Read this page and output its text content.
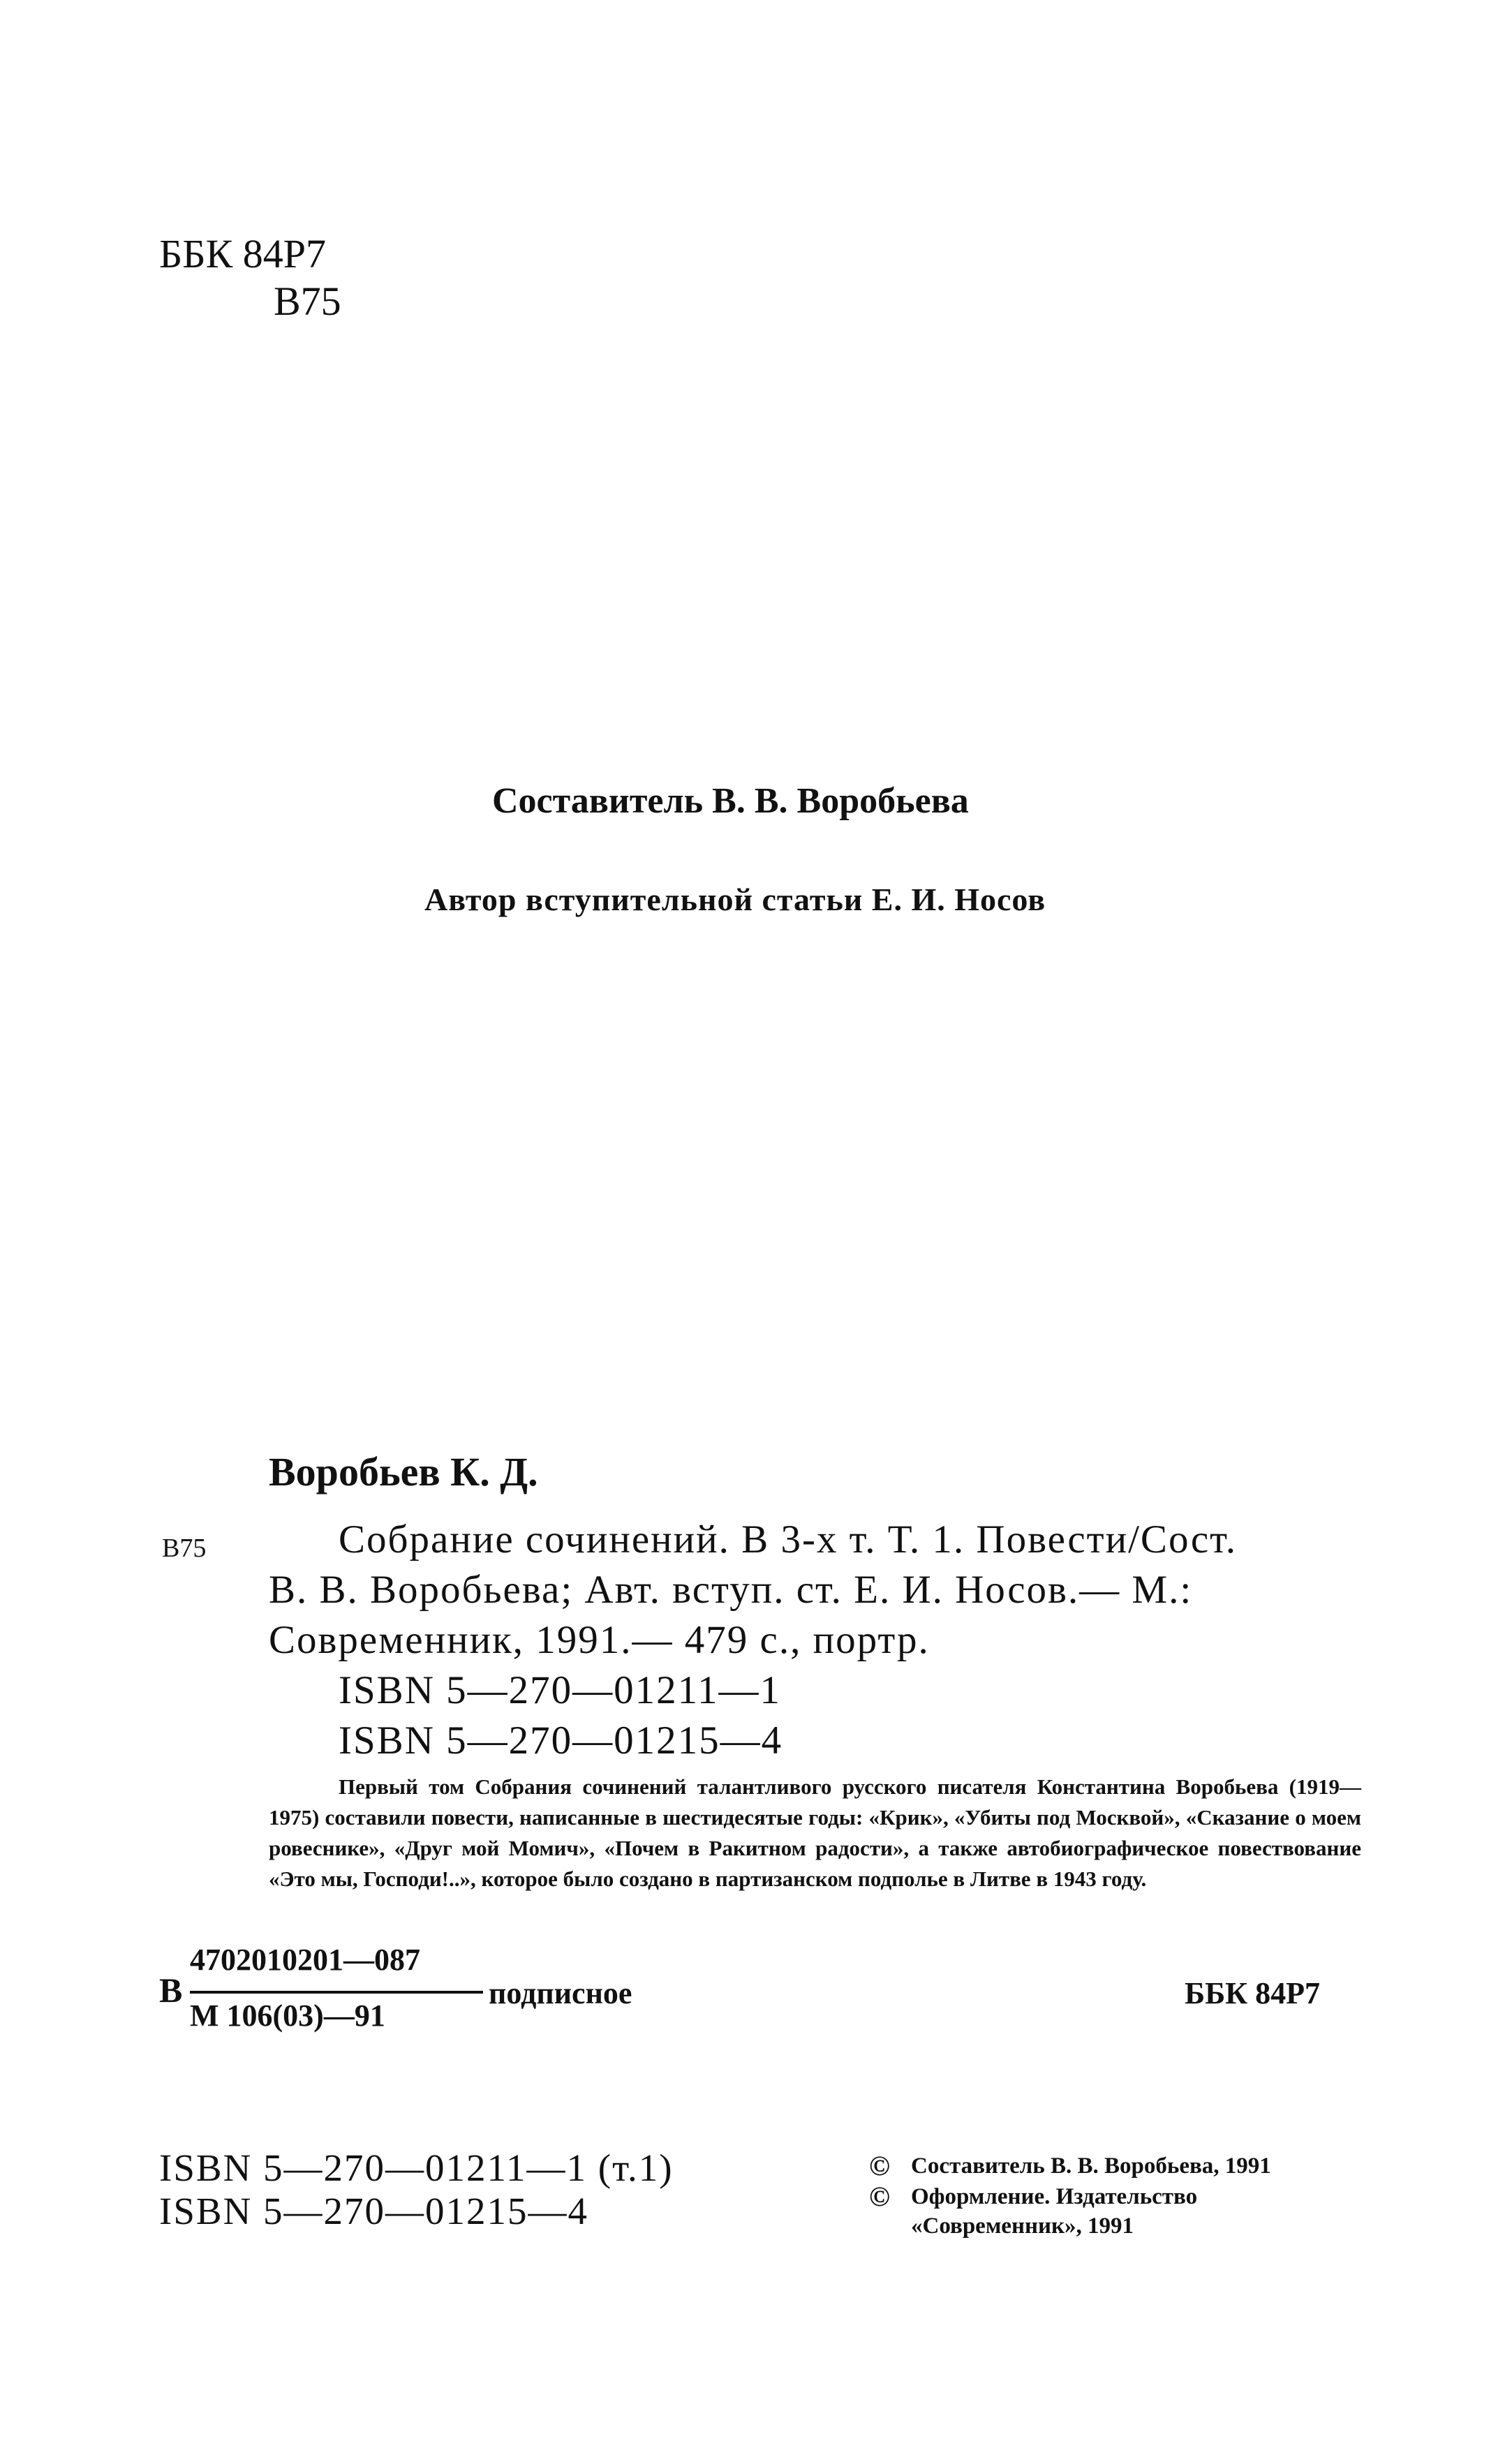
ББК 84Р7
В75
Составитель В. В. Воробьева
Автор вступительной статьи Е. И. Носов
Воробьев К. Д.
В75	Собрание сочинений. В 3-х т. Т. 1. Повести/Сост.
В. В. Воробьева; Авт. вступ. ст. Е. И. Носов.— М.:
Современник, 1991.— 479 с., портр.
ISBN 5—270—01211—1
ISBN 5—270—01215—4
Первый том Собрания сочинений талантливого русского писателя Константина Воробьева (1919—1975) составили повести, написанные в шестидесятые годы: «Крик», «Убиты под Москвой», «Сказание о моем ровеснике», «Друг мой Момич», «Почем в Ракитном радости», а также автобиографическое повествование «Это мы, Господи!..», которое было создано в партизанском подполье в Литве в 1943 году.
В
4702010201—087
М 106(03)—91
подписное	ББК 84Р7
ISBN 5—270—01211—1 (т.1)
ISBN 5—270—01215—4
© Составитель В. В. Воробьева, 1991
© Оформление. Издательство «Современник», 1991
